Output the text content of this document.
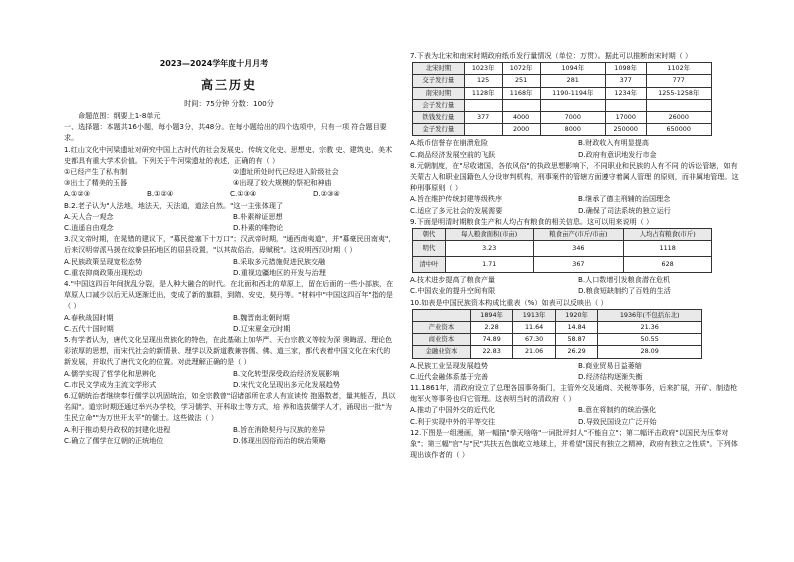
2023—2024学年度十月月考
高三历史
时间：75分钟 分数：100分

命题范围：纲要上1-8单元

一、选择题：本题共16小题，每小题3分，共48分。在每小题给出的四个选项中，只有一项 符合题目要求。

1.红山文化中河梁遗址对研究中国上古时代的社会发展史、传统文化史、思想史、宗教 史、建筑史、美术史都具有重大学术价值。下列关于牛河梁遗址的表述，正确的有（ ）

①已经产生了私有制	②遗址所处时代已经进入阶级社会
③出土了精美的玉器	④出现了较大规模的祭祀和神庙
A.①②③	B.①②④	C.①③④	D.②③④

B.2.老子认为"人法地，地法天，天法道，道法自然。"这一主张体现了

A.天人合一观念	B.朴素辩证思想
C.逍遥自由观念	D.朴素的唯物论

3.汉文帝时期，在晁错的建议下，"募民徙塞下十万口"；汉武帝时期，"通西南夷道"，并"募豪民田南夷"，后来汉明帝派马援在纹豢县拓地区的屈县设置，"以其故俗治，毋赋税"。这说明西汉时期（ ）

A.民族政策呈现宽松态势	B.采取多元措施促进民族交融
C.重农抑商政策出现松动	D.重视边疆地区的开发与治理

4."中国这四百年间扰乱分裂，是人种大融合的时代。在北面和西北的草原上，留在后面的一些小部族，在草原人口减少以后无从逐渐迁出，变成了新的旗群，到隋、安史，契丹等。"材料中"中国这四百年"指的是（ ）

A.春秋战国时期	B.魏晋南北朝时期
C.五代十国时期	D.辽宋夏金元时期

5.有学者认为，唐代文化呈现出贵族化的特色，在此基础上加华严、天台宗教义等较为深 奥晦涩、理论色彩浓厚的思想，而宋代社会的新情景、理学以及新道教兼容儒、佛、道三家，都代表着中国文化在宋代的新发展，并取代了唐代文化的位置。对此理解正确的是（ ）

A.儒学实现了哲学化和思辨化	B.文化转型深受政治经济发展影响
C.市民文学成为主流文学形式	D.宋代文化呈现出多元化发展趋势

6.辽朝统治者继续奉行儒学以巩固统治，如全宗教曾"诏诸部所在求人有宣读传 抱器数者，量其能否，具以名闻"。道宗时期还通过举兴办学校，学习儒学、开科取士等方式，培 养和选拔儒学人才，涌现出一批"为生民立命""为万世开太平"的儒士。这些做法（ ）

A.利于推动契丹政权的封建化进程	B.旨在消除契丹与汉族的差异
C.确立了儒学在辽朝的正统地位	D.体现出因俗而治的统治策略

7.下表为北宋和南宋时期政府纸币发行量情况（单位：万贯）。据此可以推断南宋时期（ ）

北宋时期	1023年	1072年	1094年	1098年	1102年
交子发行量	125	251	281	377	777
南宋时期	1128年	1168年	1190-1194年	1234年	1255-1258年
会子发行量					
铁钱发行量	377	4000	7000	17000	26000
金子发行量		2000	8000	250000	650000
A.纸币信誉存在崩溃危险	B.财政收入有明显提高
C.商品经济发展空前的飞跃	D.政府有意识地发行市金

8.元朝制度，在"尽收诸国，各依风俗"的执政思想影响下，不同职业和民族的人有不同 的诉讼管辖，如有关蒙古人和职业国籍色人分设审判机构，刑事案件的管辖方面遵守着属人管理 的原则，而非属地管理。这种刑事原则（ ）

A.旨在维护传统封建等级秩序	B.继承了德主刑辅的治国理念
C.适应了多元社会的发展需要	D.确保了司法系统的独立运行

9.下面是明清时期粮食生产和人均占有粮食的相关信息。这可以用来说明（ ）

朝代	每人粮食面积(市亩)	粮食亩产(市斤/市亩)	人均占有粮食(市斤)
明代	3.23	346	1118
清中叶	1.71	367	628
A.技术进步提高了粮食产量	B.人口数增引发粮食潜在危机
C.中国农业的提升空间有限	D.粮食短缺制约了百姓的生活

10.如表是中国民族资本构成比重表（%）如表可以反映出（ ）

	1894年	1913年	1920年	1936年(不包括东北)
产业资本	2.28	11.64	14.84	21.36
商业资本	74.89	67.30	58.87	50.55
金融业资本	22.83	21.06	26.29	28.09
A.民族工业呈现发展趋势	B.商业贸易日益萎缩
C.近代金融体系基于完善	D.经济结构逐渐失衡

11.1861年，清政府设立了总理各国事务衙门，主管外交及通商、关税等事务，后来扩展，开矿、制造枪炮军火等事务也归它管理。这表明当时的清政府（ ）

A.推动了中国外交的近代化	B.意在将制约的统治强化
C.利于实现中外的平等交往	D.导致民国设立广泛开始

12.下图是一组漫画，第一幅描"拳天啥咯"一词批评封人"不能自立"；第二幅评击政府"以国民为压奉对象"；第三幅"官"与"民"共扶五色旗屹立地球上，并希望"国民有独立之精神，政府有独立之性质"。下列体现出该作者的（ ）
